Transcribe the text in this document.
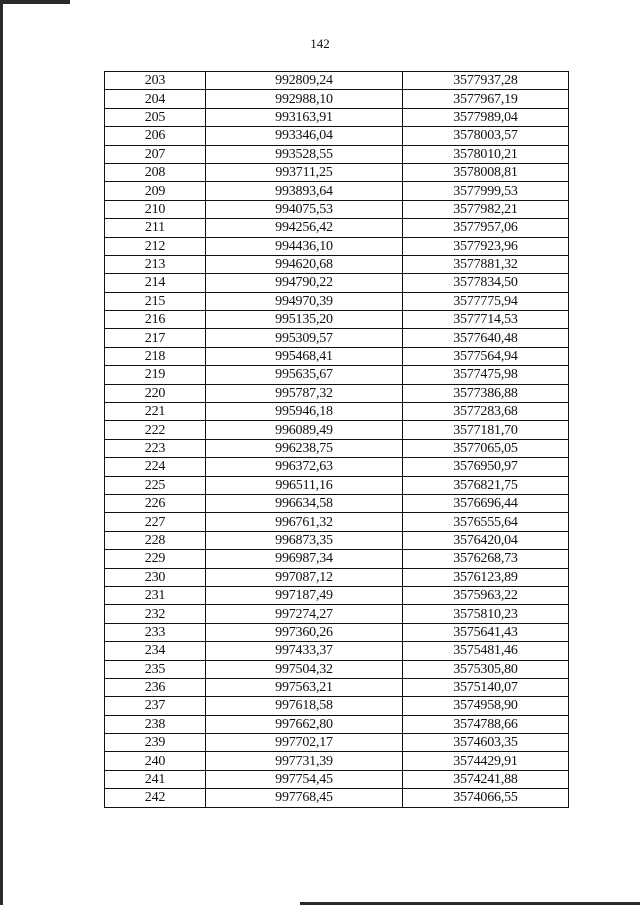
142
203	992809,24	3577937,28
204	992988,10	3577967,19
205	993163,91	3577989,04
206	993346,04	3578003,57
207	993528,55	3578010,21
208	993711,25	3578008,81
209	993893,64	3577999,53
210	994075,53	3577982,21
211	994256,42	3577957,06
212	994436,10	3577923,96
213	994620,68	3577881,32
214	994790,22	3577834,50
215	994970,39	3577775,94
216	995135,20	3577714,53
217	995309,57	3577640,48
218	995468,41	3577564,94
219	995635,67	3577475,98
220	995787,32	3577386,88
221	995946,18	3577283,68
222	996089,49	3577181,70
223	996238,75	3577065,05
224	996372,63	3576950,97
225	996511,16	3576821,75
226	996634,58	3576696,44
227	996761,32	3576555,64
228	996873,35	3576420,04
229	996987,34	3576268,73
230	997087,12	3576123,89
231	997187,49	3575963,22
232	997274,27	3575810,23
233	997360,26	3575641,43
234	997433,37	3575481,46
235	997504,32	3575305,80
236	997563,21	3575140,07
237	997618,58	3574958,90
238	997662,80	3574788,66
239	997702,17	3574603,35
240	997731,39	3574429,91
241	997754,45	3574241,88
242	997768,45	3574066,55
